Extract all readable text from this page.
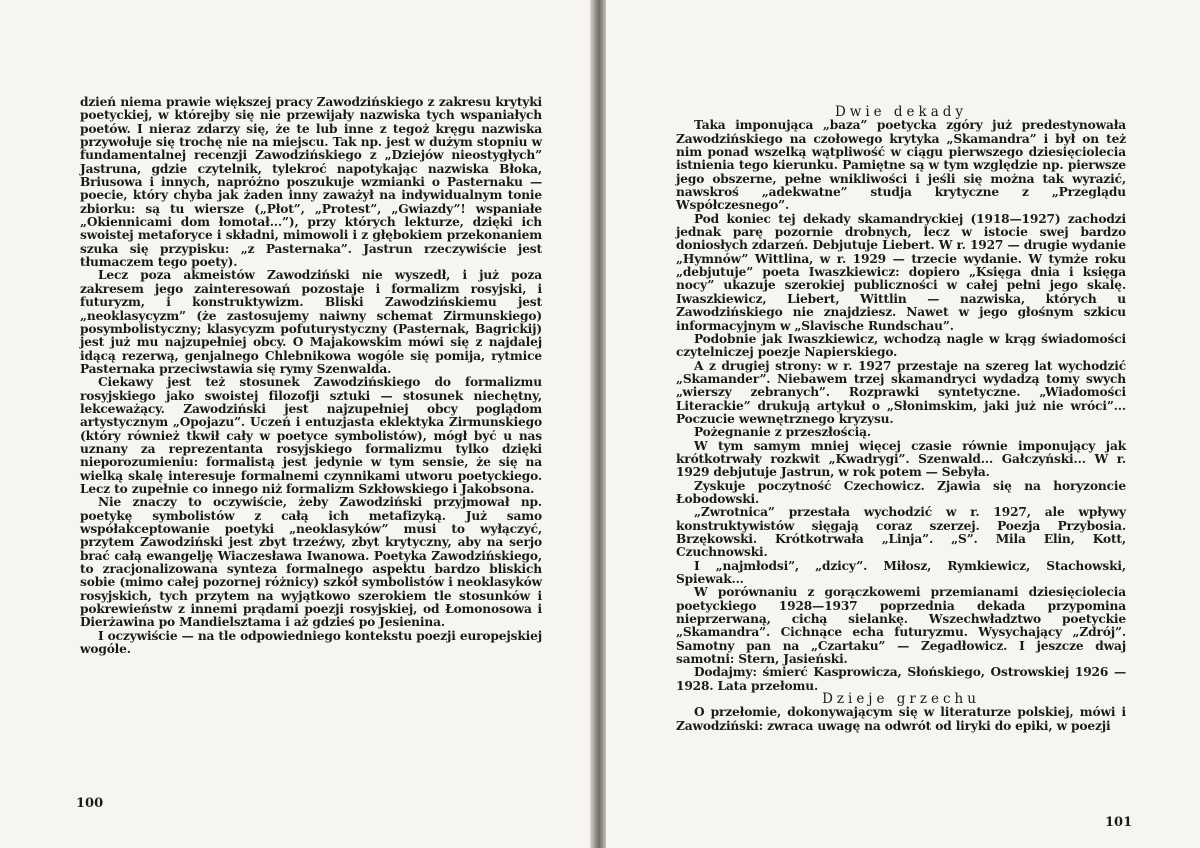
dzień niema prawie większej pracy Zawodzińskiego z zakresu krytyki poetyckiej, w którejby się nie przewijały nazwiska tych wspaniałych poetów. I nieraz zdarzy się, że te lub inne z tegoż kręgu nazwiska przywołuje się trochę nie na miejscu. Tak np. jest w dużym stopniu w fundamentalnej recenzji Zawodzińskiego z „Dziejów nieostygłych” Jastruna, gdzie czytelnik, tylekroć napotykając nazwiska Błoka, Briusowa i innych, napróżno poszukuje wzmianki o Pasternaku — poecie, który chyba jak żaden inny zaważył na indywidualnym tonie zbiorku: są tu wiersze („Płot”, „Protest”, „Gwiazdy”! wspaniałe „Okiennicami dom łomotał...”), przy których lekturze, dzięki ich swoistej metaforyce i składni, mimowoli i z głębokiem przekonaniem szuka się przypisku: „z Pasternaka”. Jastrun rzeczywiście jest tłumaczem tego poety).

Lecz poza akmeistów Zawodziński nie wyszedł, i już poza zakresem jego zainteresowań pozostaje i formalizm rosyjski, i futuryzm, i konstruktywizm. Bliski Zawodzińskiemu jest „neoklasycyzm” (że zastosujemy naiwny schemat Zirmunskiego) posymbolistyczny; klasycyzm pofuturystyczny (Pasternak, Bagrickij) jest już mu najzupełniej obcy. O Majakowskim mówi się z najdalej idącą rezerwą, genjalnego Chlebnikowa wogóle się pomija, rytmice Pasternaka przeciwstawia się rymy Szenwalda.

Ciekawy jest też stosunek Zawodzińskiego do formalizmu rosyjskiego jako swoistej filozofji sztuki — stosunek niechętny, lekceważący. Zawodziński jest najzupełniej obcy poglądom artystycznym „Opojazu”. Uczeń i entuzjasta eklektyka Zirmunskiego (który również tkwił cały w poetyce symbolistów), mógł być u nas uznany za reprezentanta rosyjskiego formalizmu tylko dzięki nieporozumieniu: formalistą jest jedynie w tym sensie, że się na wielką skalę interesuje formalnemi czynnikami utworu poetyckiego. Lecz to zupełnie co innego niż formalizm Szkłowskiego i Jakobsona.

Nie znaczy to oczywiście, żeby Zawodziński przyjmował np. poetykę symbolistów z całą ich metafizyką. Już samo współakceptowanie poetyki „neoklasyków” musi to wyłączyć, przytem Zawodziński jest zbyt trzeźwy, zbyt krytyczny, aby na serjo brać całą ewangelję Wiaczesława Iwanowa. Poetyka Zawodzińskiego, to zracjonalizowana synteza formalnego aspektu bardzo bliskich sobie (mimo całej pozornej różnicy) szkół symbolistów i neoklasyków rosyjskich, tych przytem na wyjątkowo szerokiem tle stosunków i pokrewieństw z innemi prądami poezji rosyjskiej, od Łomonosowa i Dierżawina po Mandielsztama i aż gdzieś po Jesienina.

I oczywiście — na tle odpowiedniego kontekstu poezji europejskiej wogóle.

100

Dwie dekady

Taka imponująca „baza” poetycka zgóry już predestynowała Zawodzińskiego na czołowego krytyka „Skamandra” i był on też nim ponad wszelką wątpliwość w ciągu pierwszego dziesięciolecia istnienia tego kierunku. Pamiętne są w tym względzie np. pierwsze jego obszerne, pełne wnikliwości i jeśli się można tak wyrazić, nawskroś „adekwatne” studja krytyczne z „Przeglądu Współczesnego”.

Pod koniec tej dekady skamandryckiej (1918—1927) zachodzi jednak parę pozornie drobnych, lecz w istocie swej bardzo doniosłych zdarzeń. Debjutuje Liebert. W r. 1927 — drugie wydanie „Hymnów” Wittlina, w r. 1929 — trzecie wydanie. W tymże roku „debjutuje” poeta Iwaszkiewicz: dopiero „Księga dnia i księga nocy” ukazuje szerokiej publiczności w całej pełni jego skalę. Iwaszkiewicz, Liebert, Wittlin — nazwiska, których u Zawodzińskiego nie znajdziesz. Nawet w jego głośnym szkicu informacyjnym w „Slavische Rundschau”.

Podobnie jak Iwaszkiewicz, wchodzą nagle w krąg świadomości czytelniczej poezje Napierskiego.

A z drugiej strony: w r. 1927 przestaje na szereg lat wychodzić „Skamander”. Niebawem trzej skamandryci wydadzą tomy swych „wierszy zebranych”. Rozprawki syntetyczne. „Wiadomości Literackie” drukują artykuł o „Słonimskim, jaki już nie wróci”... Poczucie wewnętrznego kryzysu.

Pożegnanie z przeszłością.

W tym samym mniej więcej czasie równie imponujący jak krótkotrwały rozkwit „Kwadrygi”. Szenwald... Gałczyński... W r. 1929 debjutuje Jastrun, w rok potem — Sebyła.

Zyskuje poczytność Czechowicz. Zjawia się na horyzoncie Łobodowski.

„Zwrotnica” przestała wychodzić w r. 1927, ale wpływy konstruktywistów sięgają coraz szerzej. Poezja Przybosia. Brzękowski. Krótkotrwała „Linja”. „S”. Mila Elin, Kott, Czuchnowski.

I „najmłodsi”, „dzicy”. Miłosz, Rymkiewicz, Stachowski, Spiewak...

W porównaniu z gorączkowemi przemianami dziesięciolecia poetyckiego 1928—1937 poprzednia dekada przypomina nieprzerwaną, cichą sielankę. Wszechwładztwo poetyckie „Skamandra”. Cichnące echa futuryzmu. Wysychający „Zdrój”. Samotny pan na „Czartaku” — Zegadłowicz. I jeszcze dwaj samotni: Stern, Jasieński.

Dodajmy: śmierć Kasprowicza, Słońskiego, Ostrowskiej 1926 — 1928. Lata przełomu.

Dzieje grzechu

O przełomie, dokonywającym się w literaturze polskiej, mówi i Zawodziński: zwraca uwagę na odwrót od liryki do epiki, w poezji

101
